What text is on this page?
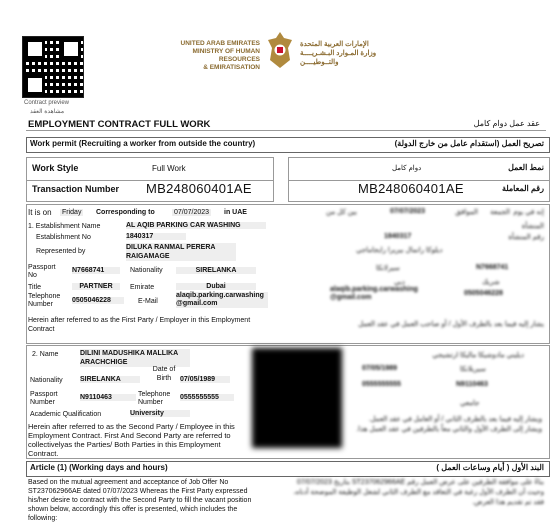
Contract preview
مشاهدة العقد
UNITED ARAB EMIRATES
MINISTRY OF HUMAN RESOURCES
& EMIRATISATION
الإمارات العربية المتحدة
وزارة المـوارد البـشـريــــة
والتــوطيــــن
EMPLOYMENT CONTRACT FULL WORK	عقد عمل دوام كامل
Work permit (Recruiting a worker from outside the country)	تصريح العمل (استقدام عامل من خارج الدولة)
Work Style	Full Work	دوام كامل	نمط العمل
Transaction Number MB248060401AE	MB248060401AE	رقم المعاملة
It is on Friday Corresponding to	07/07/2023 in UAE
1. Establishment Name	AL AQIB PARKING CAR WASHING
Establishment No	1840317
Represented by
DILUKA RANMAL PERERA RAIGAMAGE
Passport No
N7668741	Nationality	SIRELANKA
Title	PARTNER	Emirate	Dubai
Telephone Number
0505046228	E-Mail
alaqib.parking.carwashing@gmail.com
Herein after referred to as the First Party / Employer in this Employment Contract
إنه في يوم
الجمعة
الموافق
07/07/2023
بين كل من
المنشأة
1840317	رقم المنشأة
ديلوكا رانمال بيريرا رايجاماجي
سيرلانكا	N7668741
دبي	شريك
alaqib.parking.carwashing@gmail.com
0505046228
يشار إليه فيما بعد بالطرف الأول / أو صاحب العمل في عقد العمل
2. Name	DILINI MADUSHIKA MALLIKA ARACHCHIGE
Nationality SIRELANKA
Date of Birth	07/05/1989
Passport Number
N9110463	Telephone Number
0555555555
Academic Qualification	University
Herein after referred to as the Second Party / Employee in this Employment Contract. First And Second Party are referred to collectivelyas the Parties/ Both Parties in this Employment Contract.
ديليني مادوشيكا ماليكا ارتشيجي
07/05/1989	سيريلانكا
0555555555	N9110463
جامعي
ويشار إليه فيما بعد بالطرف الثاني / أو العامل في عقد العمل. ويشار إلى الطرف الأول والثاني معاً بالطرفين في عقد العمل هذا.
Article (1) (Working days and hours)	البند الأول ( أيام وساعات العمل )
Based on the mutual agreement and acceptance of Job Offer No ST237062966AE dated 07/07/2023 Whereas the First Party expressed his/her desire to contract with the Second Party to fill the vacant position shown below, accordingly this offer is presented, which includes the following:
بناءً على موافقة الطرفين على عرض العمل رقم ST237062966AE بتاريخ 07/07/2023 وحيث أن الطرف الأول رغبة في التعاقد مع الطرف الثاني لشغل الوظيفة الموضحة أدناه، فقد تم تقديم هذا العرض.
